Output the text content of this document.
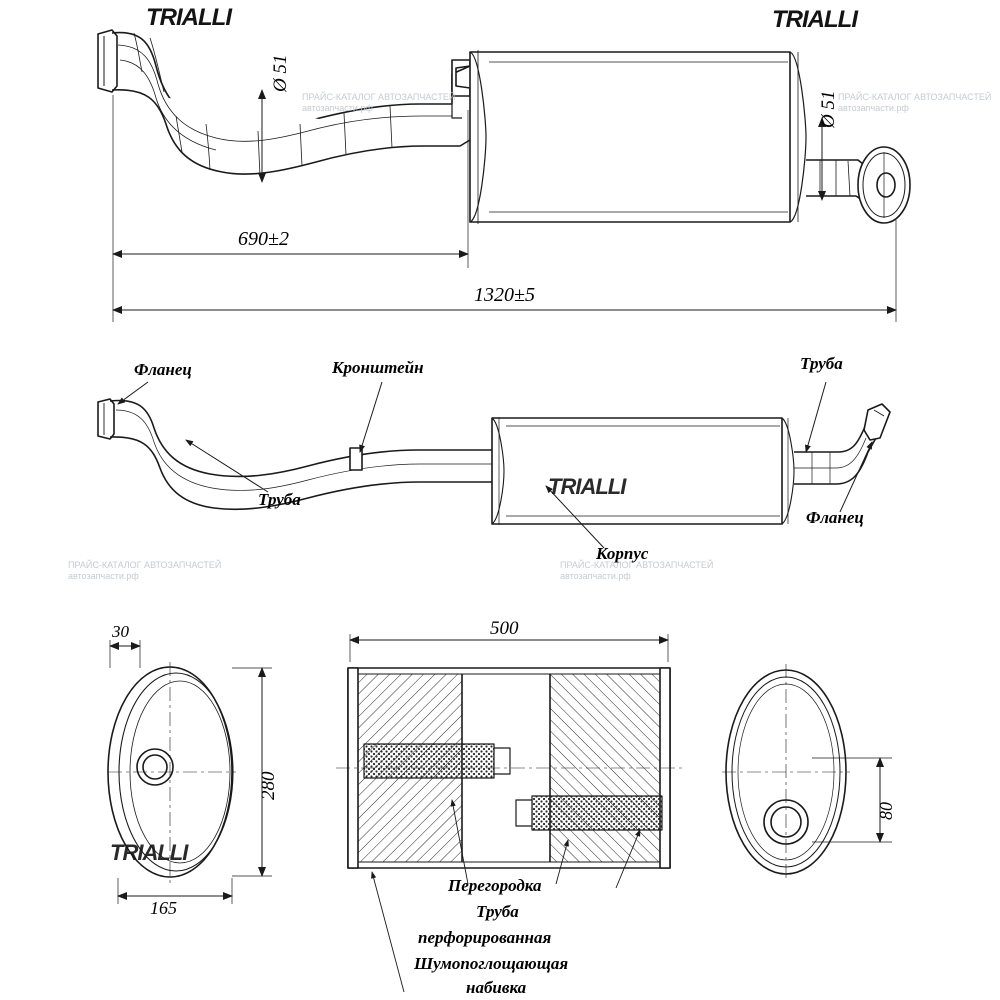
TRIALLI	TRIALLI
TRIALLI
TRIALLI
ПРАЙС-КАТАЛОГ АВТОЗАПЧАСТЕЙ
автозапчасти.рф
ПРАЙС-КАТАЛОГ АВТОЗАПЧАСТЕЙ
автозапчасти.рф
ПРАЙС-КАТАЛОГ АВТОЗАПЧАСТЕЙ
автозапчасти.рф
ПРАЙС-КАТАЛОГ АВТОЗАПЧАСТЕЙ
автозапчасти.рф
Ø 51
Ø 51
690±2
1320±5
Фланец	Кронштейн	Труба
Труба
Фланец
Корпус
30
280
165
500
80
Перегородка
Труба
перфорированная
Шумопоглощающая
набивка
